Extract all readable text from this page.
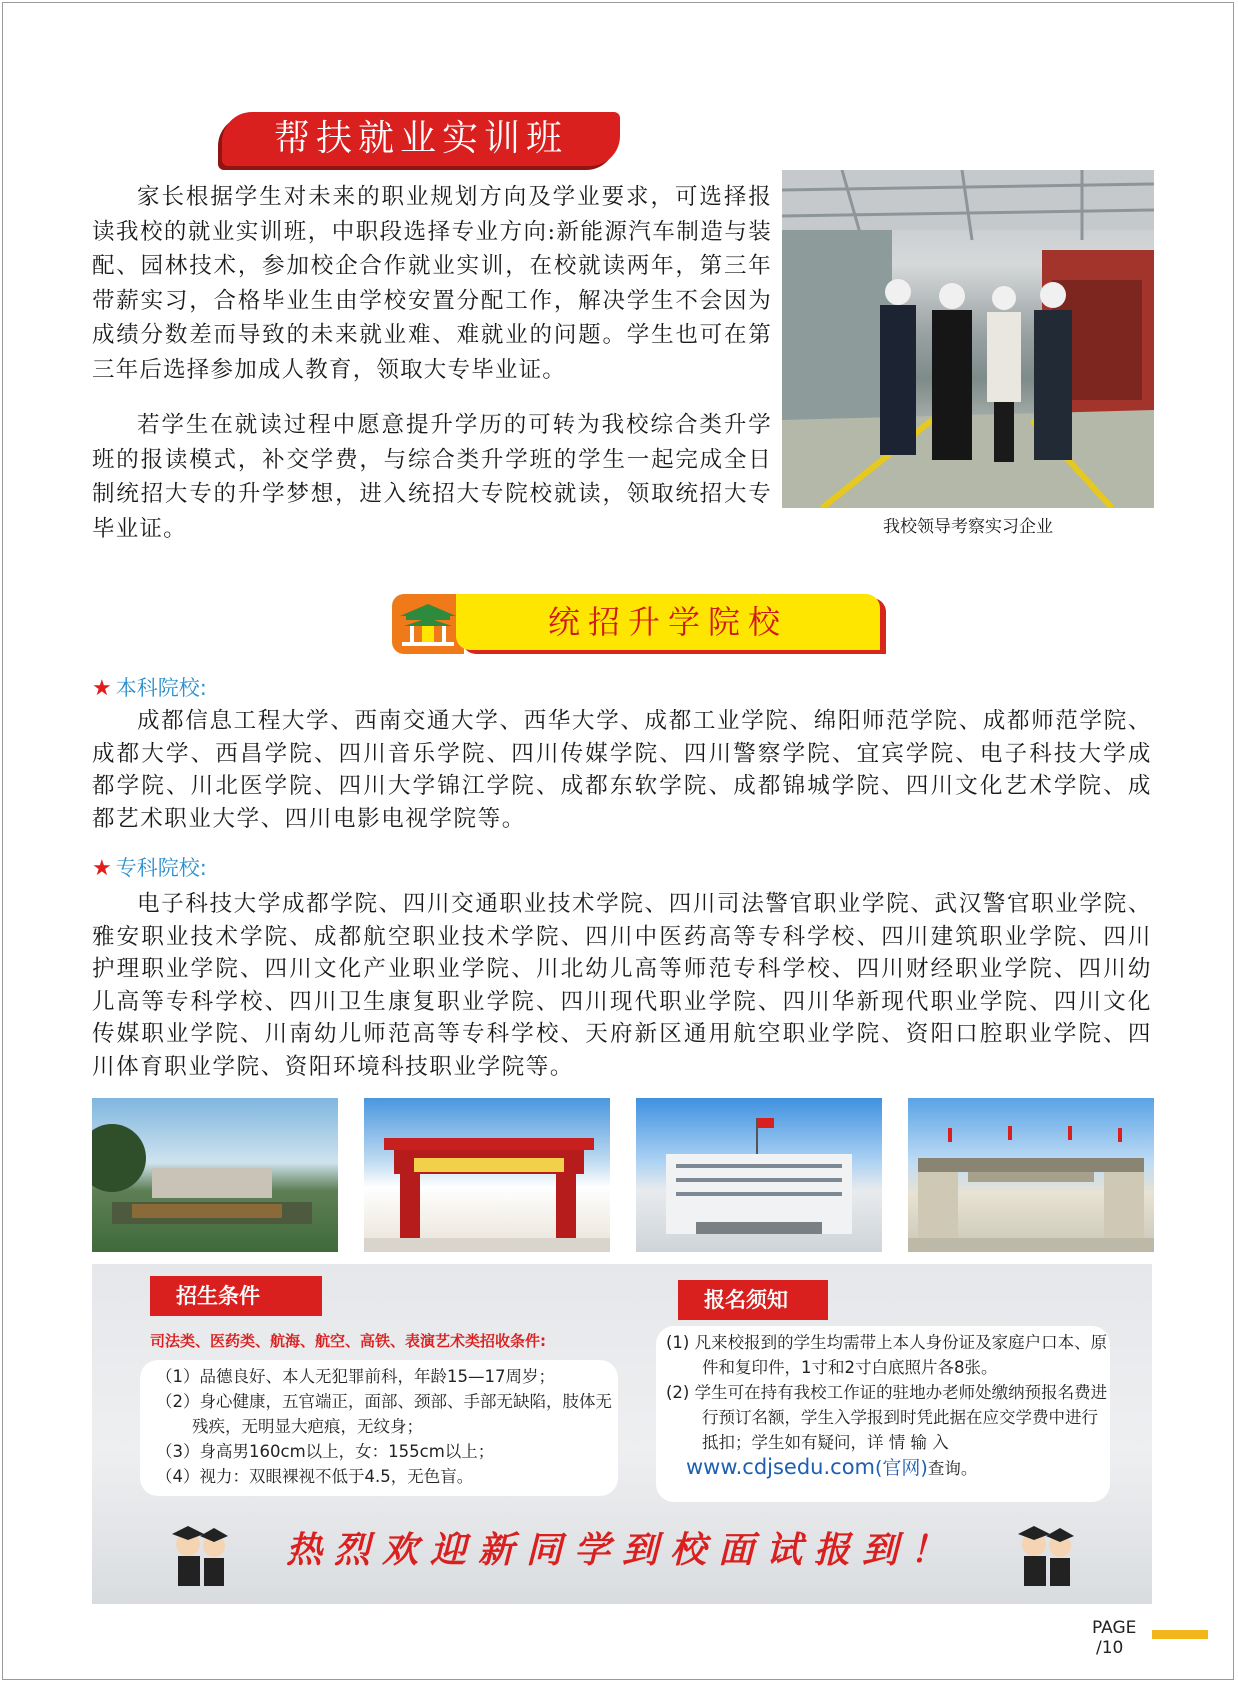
帮扶就业实训班
家长根据学生对未来的职业规划方向及学业要求，可选择报读我校的就业实训班，中职段选择专业方向:新能源汽车制造与装配、园林技术，参加校企合作就业实训，在校就读两年，第三年带薪实习，合格毕业生由学校安置分配工作，解决学生不会因为成绩分数差而导致的未来就业难、难就业的问题。学生也可在第三年后选择参加成人教育，领取大专毕业证。
若学生在就读过程中愿意提升学历的可转为我校综合类升学班的报读模式，补交学费，与综合类升学班的学生一起完成全日制统招大专的升学梦想，进入统招大专院校就读，领取统招大专毕业证。	我校领导考察实习企业
统招升学院校
★ 本科院校:
成都信息工程大学、西南交通大学、西华大学、成都工业学院、绵阳师范学院、成都师范学院、成都大学、西昌学院、四川音乐学院、四川传媒学院、四川警察学院、宜宾学院、电子科技大学成都学院、川北医学院、四川大学锦江学院、成都东软学院、成都锦城学院、四川文化艺术学院、成都艺术职业大学、四川电影电视学院等。
★ 专科院校:
电子科技大学成都学院、四川交通职业技术学院、四川司法警官职业学院、武汉警官职业学院、雅安职业技术学院、成都航空职业技术学院、四川中医药高等专科学校、四川建筑职业学院、四川护理职业学院、四川文化产业职业学院、川北幼儿高等师范专科学校、四川财经职业学院、四川幼儿高等专科学校、四川卫生康复职业学院、四川现代职业学院、四川华新现代职业学院、四川文化传媒职业学院、川南幼儿师范高等专科学校、天府新区通用航空职业学院、资阳口腔职业学院、四川体育职业学院、资阳环境科技职业学院等。
招生条件	»
司法类、医药类、航海、航空、高铁、表演艺术类招收条件:
（1）品德良好、本人无犯罪前科，年龄15—17周岁；
（2）身心健康，五官端正，面部、颈部、手部无缺陷，肢体无残疾，无明显大疤痕，无纹身；
（3）身高男160cm以上，女：155cm以上；
（4）视力：双眼裸视不低于4.5，无色盲。
报名须知 »
(1) 凡来校报到的学生均需带上本人身份证及家庭户口本、原件和复印件，1寸和2寸白底照片各8张。
(2) 学生可在持有我校工作证的驻地办老师处缴纳预报名费进行预订名额，学生入学报到时凭此据在应交学费中进行抵扣；学生如有疑问，详 情 输 入
www.cdjsedu.com(官网)查询。
热烈欢迎新同学到校面试报到！
PAGE
/10
